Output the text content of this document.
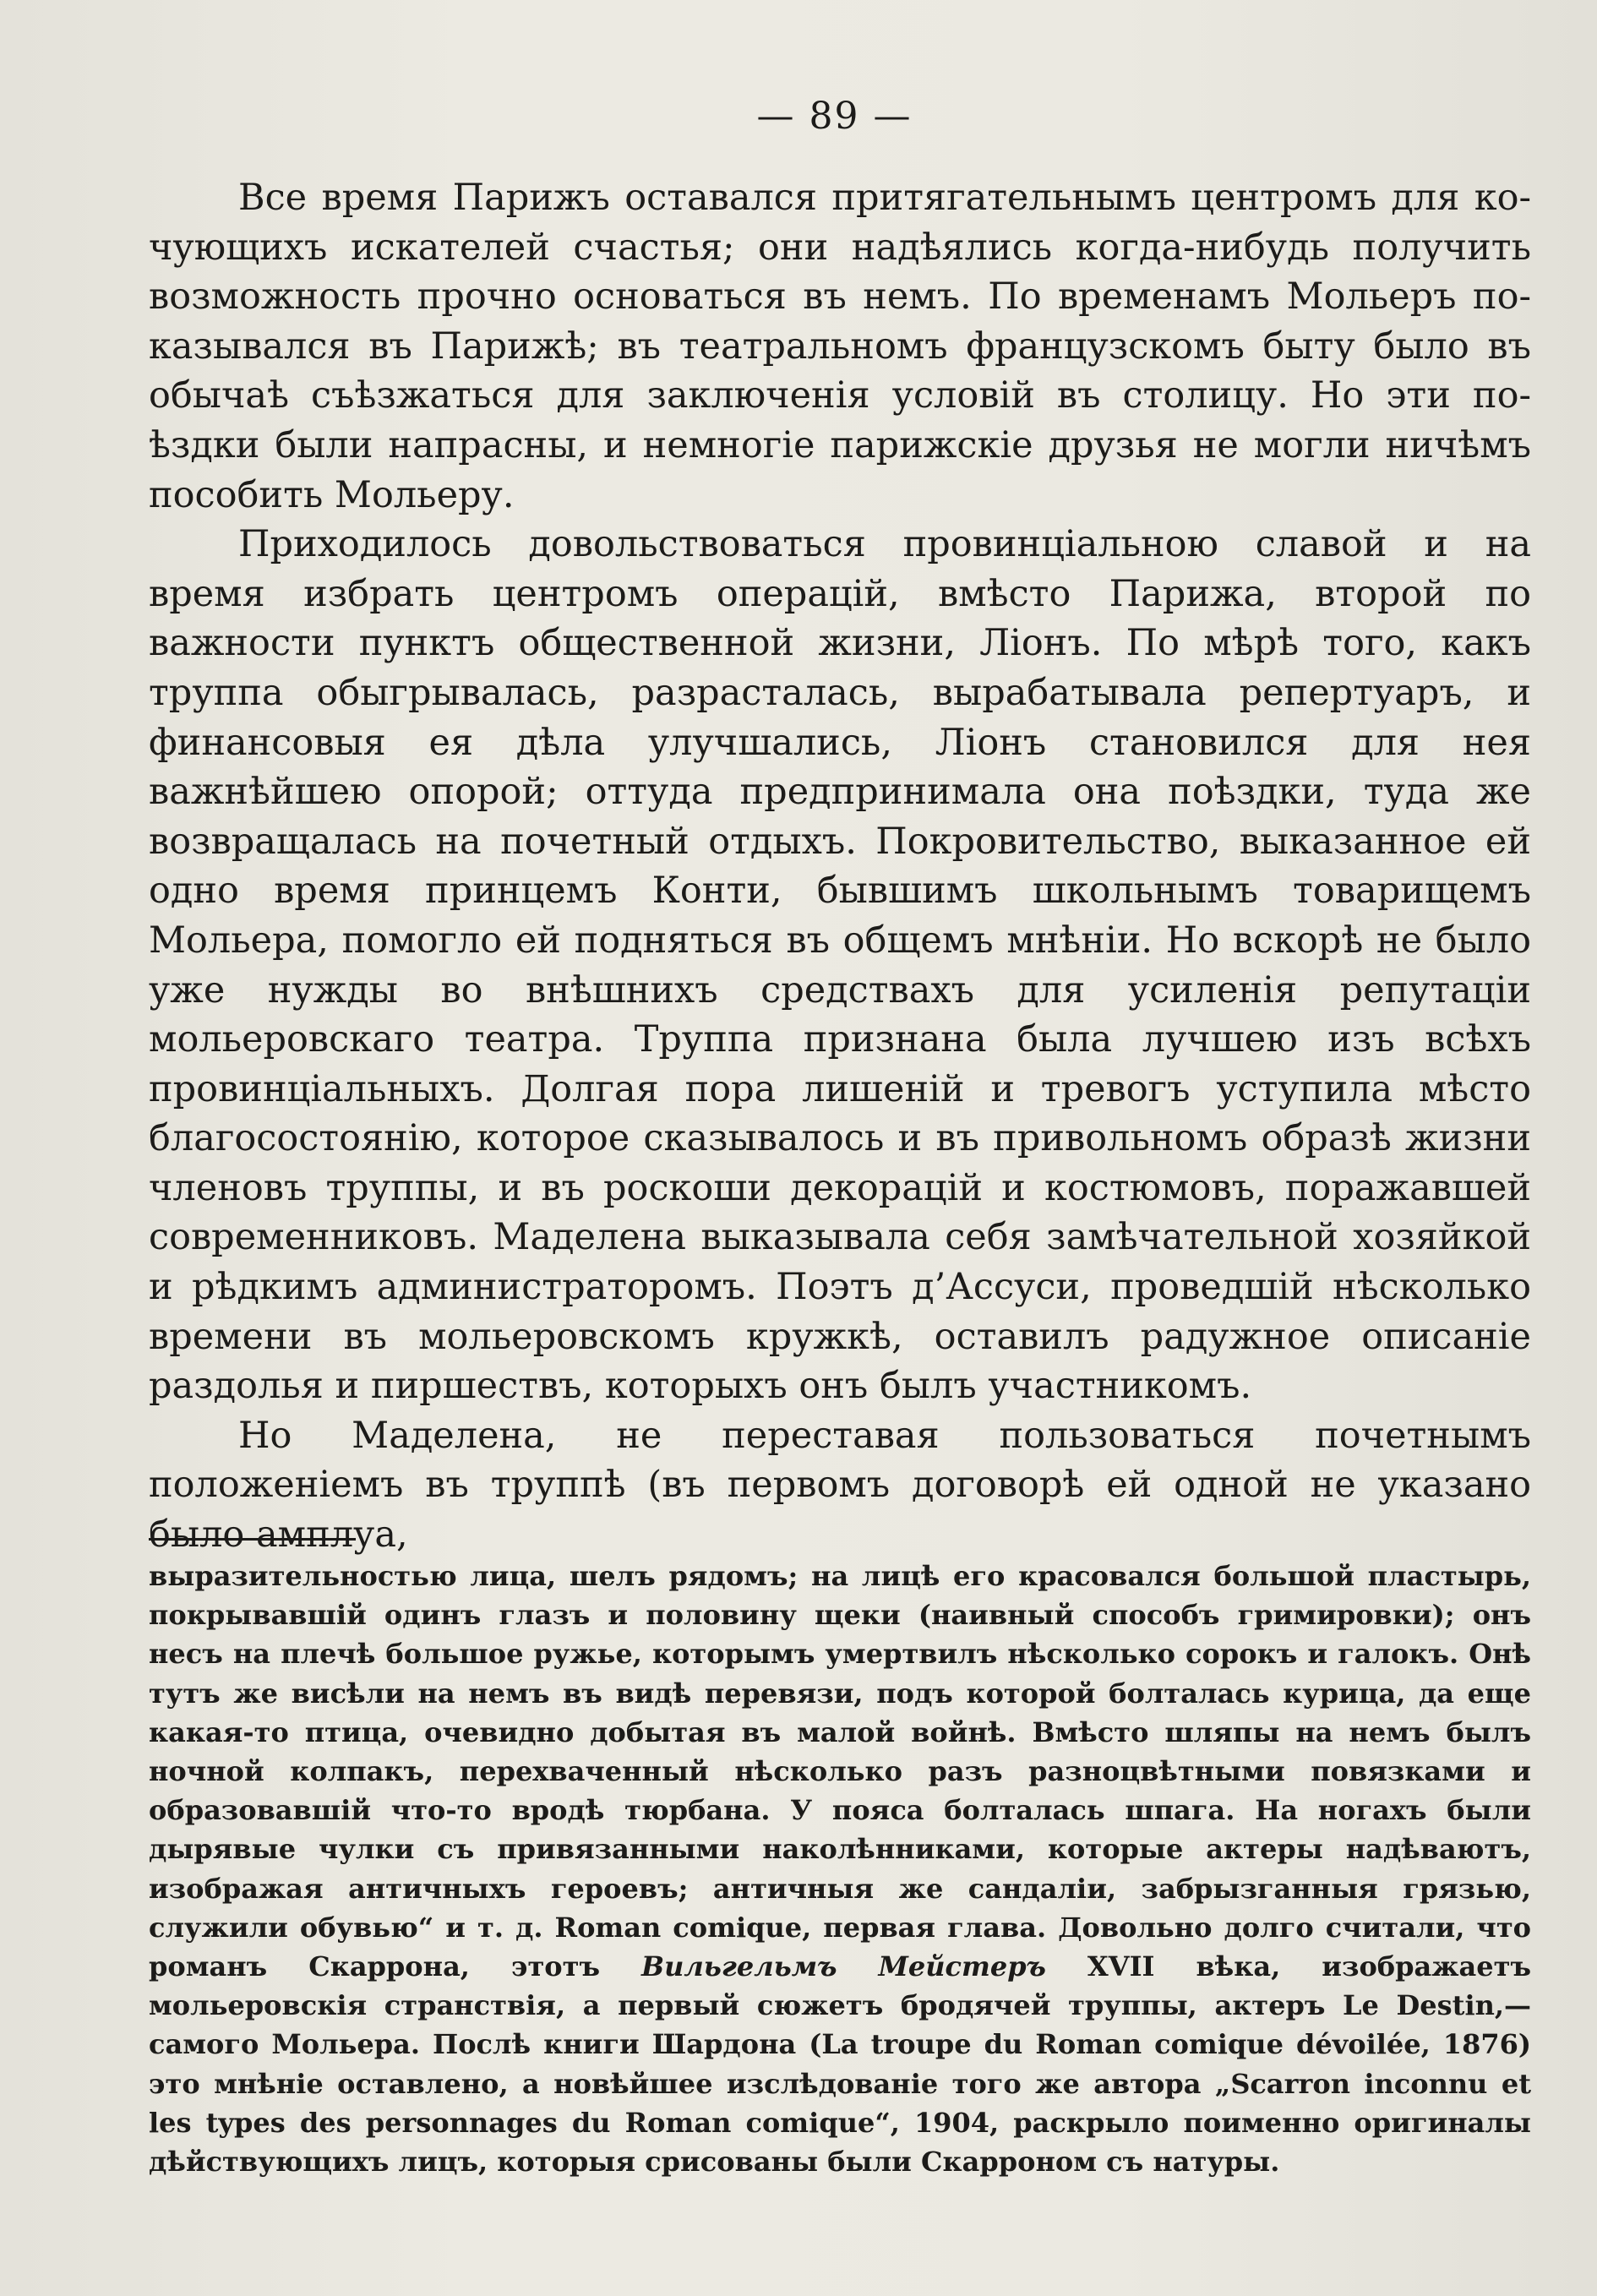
— 89 —

Все время Парижъ оставался притягательнымъ центромъ для кочующихъ искателей счастья; они надѣялись когда-нибудь получить возможность прочно основаться въ немъ. По временамъ Мольеръ показывался въ Парижѣ; въ театральномъ французскомъ быту было въ обычаѣ съѣзжаться для заключенія условій въ столицу. Но эти поѣздки были напрасны, и немногіе парижскіе друзья не могли ничѣмъ пособить Мольеру.

Приходилось довольствоваться провинціальною славой и на время избрать центромъ операцій, вмѣсто Парижа, второй по важности пунктъ общественной жизни, Ліонъ. По мѣрѣ того, какъ труппа обыгрывалась, разрасталась, вырабатывала репертуаръ, и финансовыя ея дѣла улучшались, Ліонъ становился для нея важнѣйшею опорой; оттуда предпринимала она поѣздки, туда же возвращалась на почетный отдыхъ. Покровительство, выказанное ей одно время принцемъ Конти, бывшимъ школьнымъ товарищемъ Мольера, помогло ей подняться въ общемъ мнѣніи. Но вскорѣ не было уже нужды во внѣшнихъ средствахъ для усиленія репутаціи мольеровскаго театра. Труппа признана была лучшею изъ всѣхъ провинціальныхъ. Долгая пора лишеній и тревогъ уступила мѣсто благосостоянію, которое сказывалось и въ привольномъ образѣ жизни членовъ труппы, и въ роскоши декорацій и костюмовъ, поражавшей современниковъ. Маделена выказывала себя замѣчательной хозяйкой и рѣдкимъ администраторомъ. Поэтъ д’Ассуси, проведшій нѣсколько времени въ мольеровскомъ кружкѣ, оставилъ радужное описаніе раздолья и пиршествъ, которыхъ онъ былъ участникомъ.

Но Маделена, не переставая пользоваться почетнымъ положеніемъ въ труппѣ (въ первомъ договорѣ ей одной не указано было амплуа,

выразительностью лица, шелъ рядомъ; на лицѣ его красовался большой пластырь, покрывавшій одинъ глазъ и половину щеки (наивный способъ гримировки); онъ несъ на плечѣ большое ружье, которымъ умертвилъ нѣсколько сорокъ и галокъ. Онѣ тутъ же висѣли на немъ въ видѣ перевязи, подъ которой болталась курица, да еще какая-то птица, очевидно добытая въ малой войнѣ. Вмѣсто шляпы на немъ былъ ночной колпакъ, перехваченный нѣсколько разъ разноцвѣтными повязками и образовавшій что-то вродѣ тюрбана. У пояса болталась шпага. На ногахъ были дырявые чулки съ привязанными наколѣнниками, которые актеры надѣваютъ, изображая античныхъ героевъ; античныя же сандаліи, забрызганныя грязью, служили обувью“ и т. д. Roman comique, первая глава. Довольно долго считали, что романъ Скаррона, этотъ Вильгельмъ Мейстеръ XVII вѣка, изображаетъ мольеровскія странствія, а первый сюжетъ бродячей труппы, актеръ Le Destin,—самого Мольера. Послѣ книги Шардона (La troupe du Roman comique dévoilée, 1876) это мнѣніе оставлено, а новѣйшее изслѣдованіе того же автора „Scarron inconnu et les types des personnages du Roman comique“, 1904, раскрыло поименно оригиналы дѣйствующихъ лицъ, которыя срисованы были Скарроном съ натуры.
